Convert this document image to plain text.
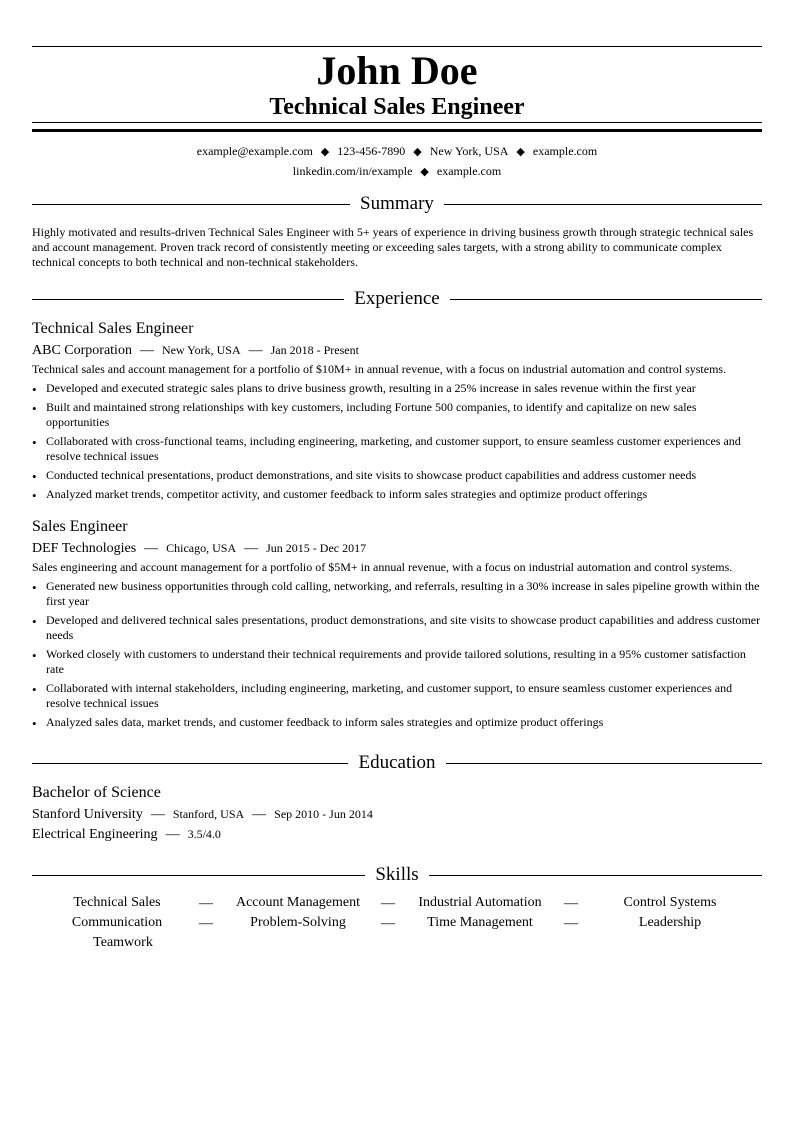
John Doe
Technical Sales Engineer
example@example.com ◆ 123-456-7890 ◆ New York, USA ◆ example.com
linkedin.com/in/example ◆ example.com
Summary
Highly motivated and results-driven Technical Sales Engineer with 5+ years of experience in driving business growth through strategic technical sales and account management. Proven track record of consistently meeting or exceeding sales targets, with a strong ability to communicate complex technical concepts to both technical and non-technical stakeholders.
Experience
Technical Sales Engineer
ABC Corporation — New York, USA — Jan 2018 - Present
Technical sales and account management for a portfolio of $10M+ in annual revenue, with a focus on industrial automation and control systems.
• Developed and executed strategic sales plans to drive business growth, resulting in a 25% increase in sales revenue within the first year
• Built and maintained strong relationships with key customers, including Fortune 500 companies, to identify and capitalize on new sales opportunities
• Collaborated with cross-functional teams, including engineering, marketing, and customer support, to ensure seamless customer experiences and resolve technical issues
• Conducted technical presentations, product demonstrations, and site visits to showcase product capabilities and address customer needs
• Analyzed market trends, competitor activity, and customer feedback to inform sales strategies and optimize product offerings
Sales Engineer
DEF Technologies — Chicago, USA — Jun 2015 - Dec 2017
Sales engineering and account management for a portfolio of $5M+ in annual revenue, with a focus on industrial automation and control systems.
• Generated new business opportunities through cold calling, networking, and referrals, resulting in a 30% increase in sales pipeline growth within the first year
• Developed and delivered technical sales presentations, product demonstrations, and site visits to showcase product capabilities and address customer needs
• Worked closely with customers to understand their technical requirements and provide tailored solutions, resulting in a 95% customer satisfaction rate
• Collaborated with internal stakeholders, including engineering, marketing, and customer support, to ensure seamless customer experiences and resolve technical issues
• Analyzed sales data, market trends, and customer feedback to inform sales strategies and optimize product offerings
Education
Bachelor of Science
Stanford University — Stanford, USA — Sep 2010 - Jun 2014
Electrical Engineering — 3.5/4.0
Skills
Technical Sales	—	Account Management	—	Industrial Automation	—	Control Systems
Communication	—	Problem-Solving	—	Time Management	—	Leadership
Teamwork
